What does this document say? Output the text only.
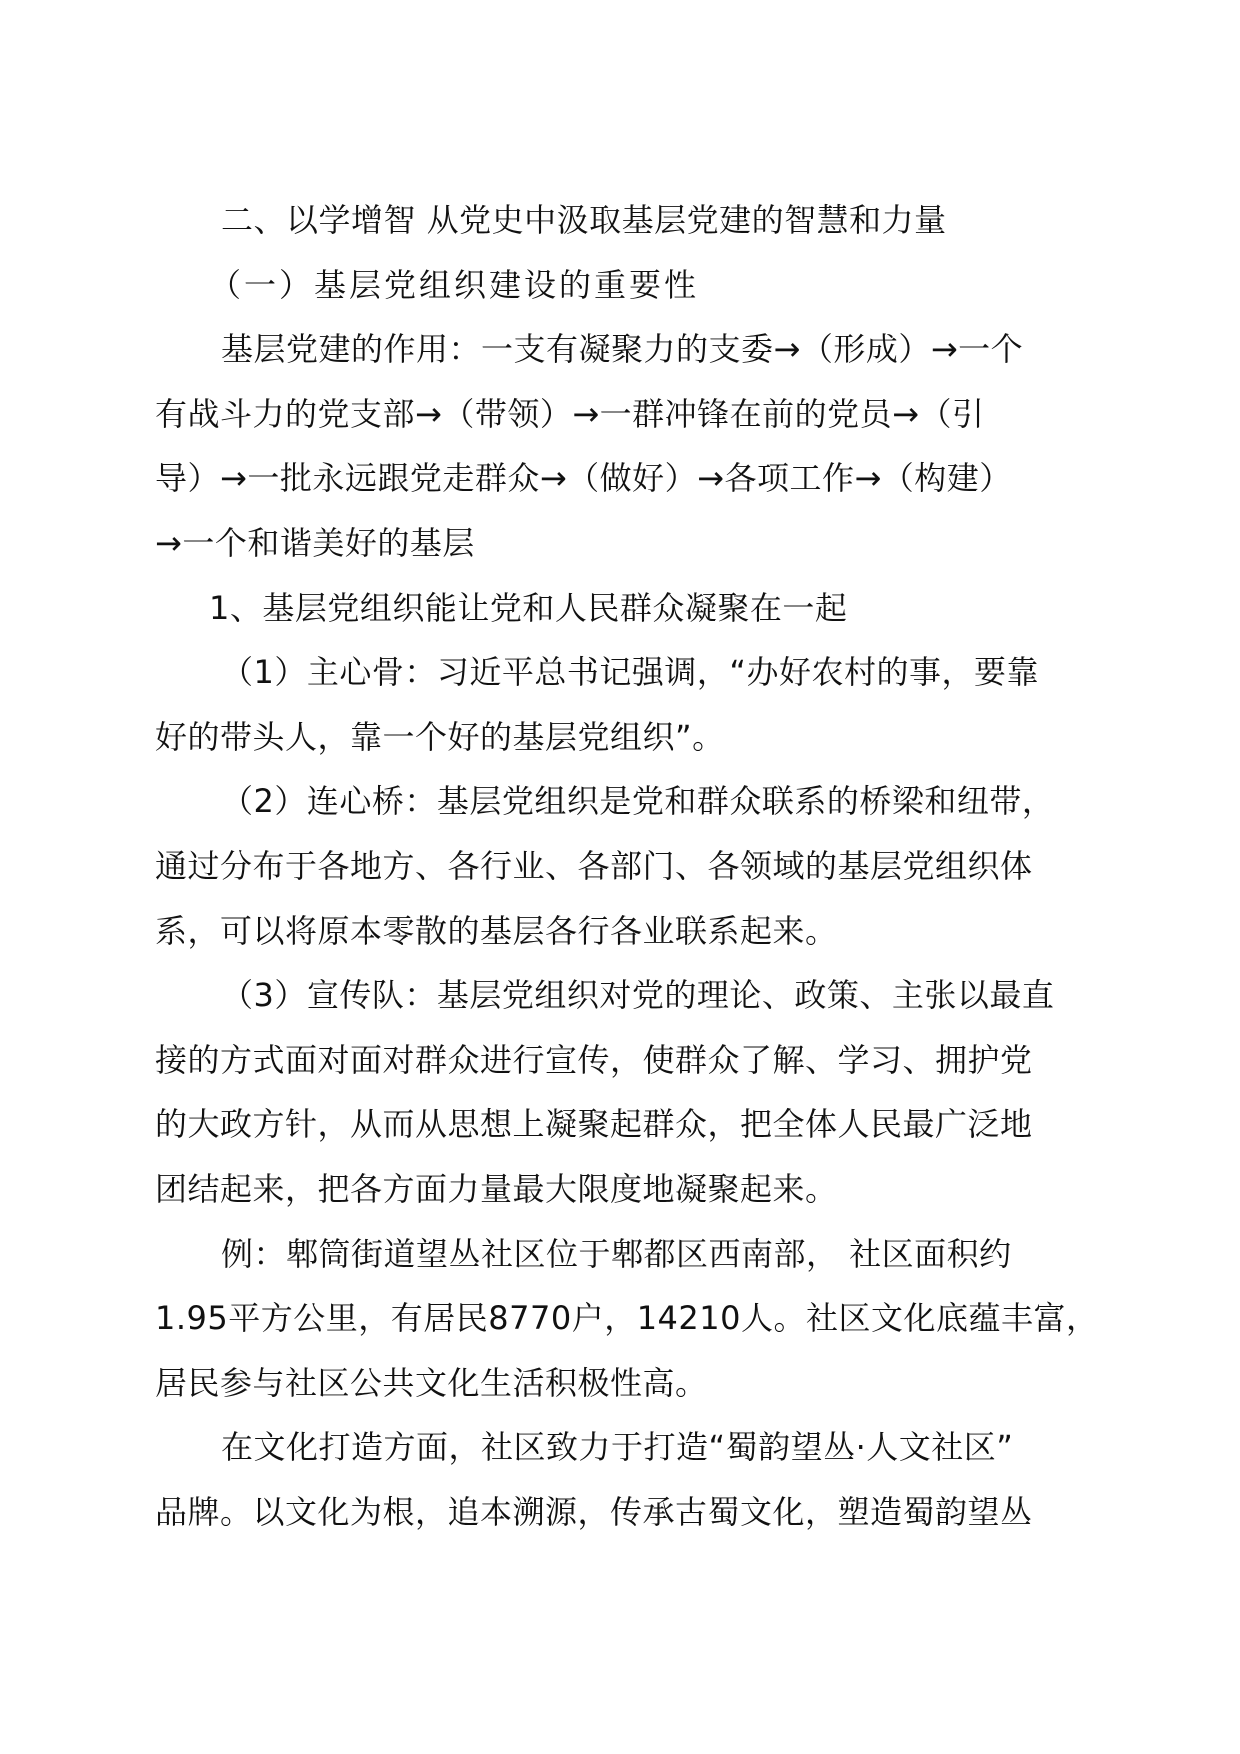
二、以学增智 从党史中汲取基层党建的智慧和力量
（一）基层党组织建设的重要性
基层党建的作用：一支有凝聚力的支委→（形成）→一个
有战斗力的党支部→（带领）→一群冲锋在前的党员→（引
导）→一批永远跟党走群众→（做好）→各项工作→（构建）
→一个和谐美好的基层
1、基层党组织能让党和人民群众凝聚在一起
（1）主心骨：习近平总书记强调，“办好农村的事，要靠
好的带头人，靠一个好的基层党组织”。
（2）连心桥：基层党组织是党和群众联系的桥梁和纽带，
通过分布于各地方、各行业、各部门、各领域的基层党组织体
系，可以将原本零散的基层各行各业联系起来。
（3）宣传队：基层党组织对党的理论、政策、主张以最直
接的方式面对面对群众进行宣传，使群众了解、学习、拥护党
的大政方针，从而从思想上凝聚起群众，把全体人民最广泛地
团结起来，把各方面力量最大限度地凝聚起来。
例：郫筒街道望丛社区位于郫都区西南部， 社区面积约
1.95平方公里，有居民8770户，14210人。社区文化底蕴丰富，
居民参与社区公共文化生活积极性高。
在文化打造方面，社区致力于打造“蜀韵望丛·人文社区”
品牌。以文化为根，追本溯源，传承古蜀文化，塑造蜀韵望丛
